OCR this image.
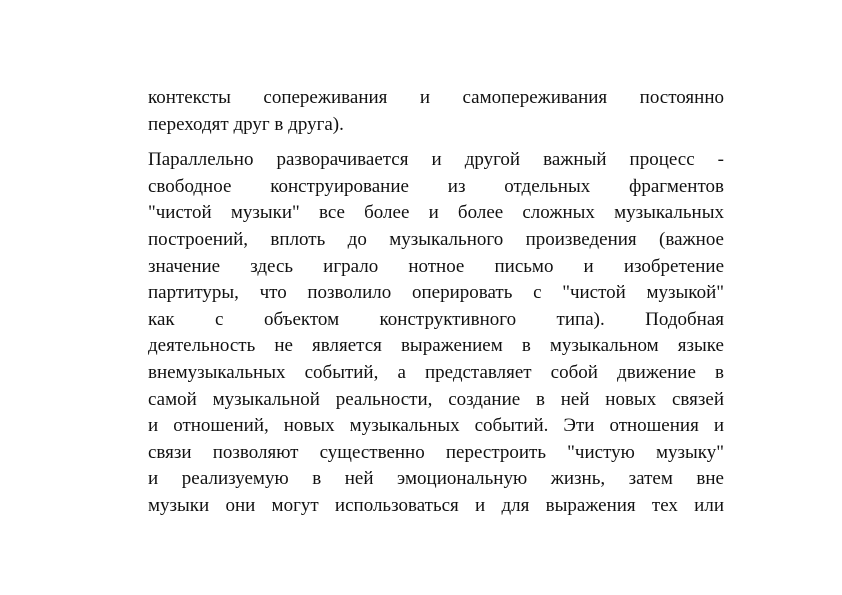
контексты сопереживания и самопереживания постоянно
переходят друг в друга).
Параллельно разворачивается и другой важный процесс -
свободное конструирование из отдельных фрагментов
"чистой музыки" все более и более сложных музыкальных
построений, вплоть до музыкального произведения (важное
значение здесь играло нотное письмо и изобретение
партитуры, что позволило оперировать с "чистой музыкой"
как с объектом конструктивного типа). Подобная
деятельность не является выражением в музыкальном языке
внемузыкальных событий, а представляет собой движение в
самой музыкальной реальности, создание в ней новых связей
и отношений, новых музыкальных событий. Эти отношения и
связи позволяют существенно перестроить "чистую музыку"
и реализуемую в ней эмоциональную жизнь, затем вне
музыки они могут использоваться и для выражения тех или
